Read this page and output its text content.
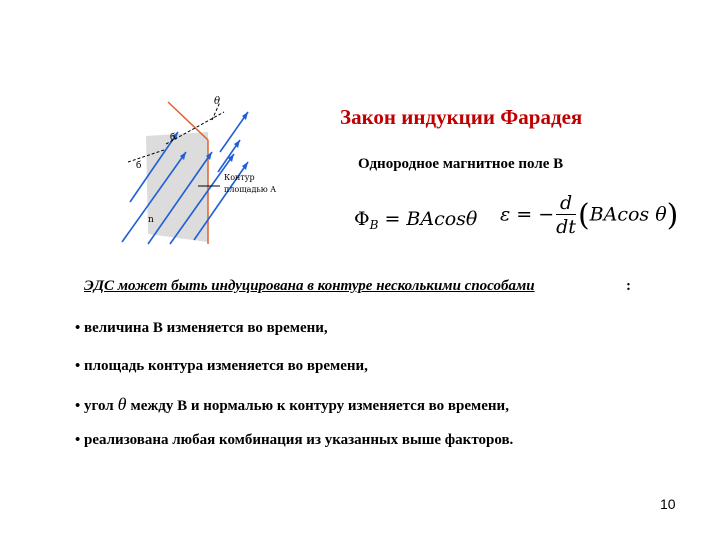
θ
б
б
n
Контур
площадью A
Закон индукции Фарадея
Однородное магнитное поле B
$\Phi_B = BAcos\theta$ ε = − $\frac{d}{dt} (BAcos$ θ)
ЭДС может быть индуцирована в контуре несколькими способами	:
• величина B изменяется во времени,
• площадь контура изменяется во времени,
• угол θ между B и нормалью к контуру изменяется во времени,
• реализована любая комбинация из указанных выше факторов.
10
